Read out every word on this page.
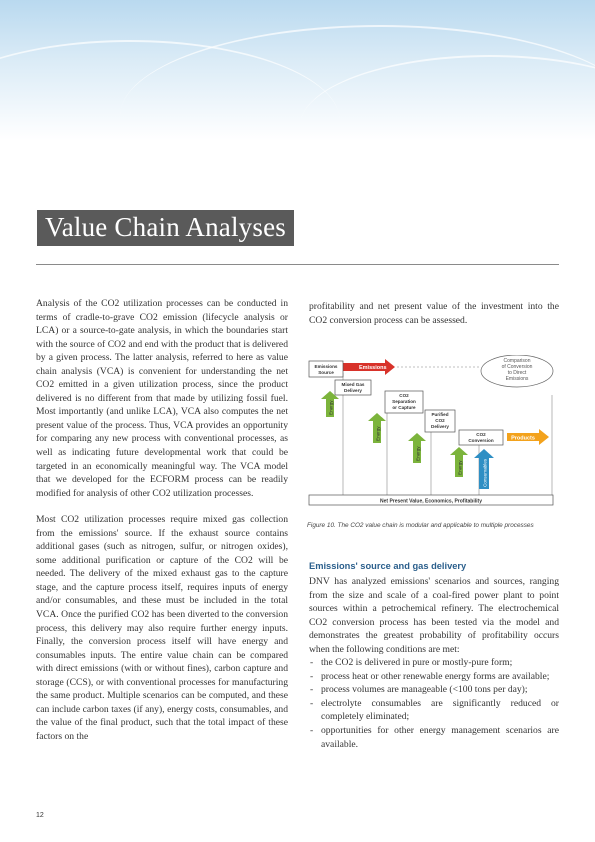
Value Chain Analyses

Analysis of the CO2 utilization processes can be conducted in terms of cradle-to-grave CO2 emission (lifecycle analysis or LCA) or a source-to-gate analysis, in which the boundaries start with the source of CO2 and end with the product that is delivered by a given process. The latter analysis, referred to here as value chain analysis (VCA) is convenient for understanding the net CO2 emitted in a given utilization process, since the product delivered is no different from that made by utilizing fossil fuel. Most importantly (and unlike LCA), VCA also computes the net present value of the process. Thus, VCA provides an opportunity for comparing any new process with conventional processes, as well as indicating future developmental work that could be targeted in an economically meaningful way. The VCA model that we developed for the ECFORM process can be readily modified for analysis of other CO2 utilization processes.

Most CO2 utilization processes require mixed gas collection from the emissions' source. If the exhaust source contains additional gases (such as nitrogen, sulfur, or nitrogen oxides), some additional purification or capture of the CO2 will be needed. The delivery of the mixed exhaust gas to the capture stage, and the capture process itself, requires inputs of energy and/or consumables, and these must be included in the total VCA. Once the purified CO2 has been diverted to the conversion process, this delivery may also require further energy inputs. Finally, the conversion process itself will have energy and consumables inputs. The entire value chain can be compared with direct emissions (with or without fines), carbon capture and storage (CCS), or with conventional processes for manufacturing the same product. Multiple scenarios can be computed, and these can include carbon taxes (if any), energy costs, consumables, and the value of the final product, such that the total impact of these factors on the

profitability and net present value of the investment into the CO2 conversion process can be assessed.
Emissions
Comparison
of Conversion
to Direct
Emissions
Emissions
Source
Mixed Gas
Delivery
CO2
Separation
or Capture
Purified
CO2
Delivery
CO2
Conversion	Products
Energy
Energy
Energy
Energy	Consumables
Net Present Value, Economics, Profitability
Figure 10. The CO2 value chain is modular and applicable to multiple processes
Emissions' source and gas delivery
DNV has analyzed emissions' scenarios and sources, ranging from the size and scale of a coal-fired power plant to point sources within a petrochemical refinery. The electrochemical CO2 conversion process has been tested via the model and demonstrates the greatest probability of profitability occurs when the following conditions are met:
- the CO2 is delivered in pure or mostly-pure form;
- process heat or other renewable energy forms are available;
- process volumes are manageable (<100 tons per day);
- electrolyte consumables are significantly reduced or completely eliminated;
- opportunities for other energy management scenarios are available.
12
